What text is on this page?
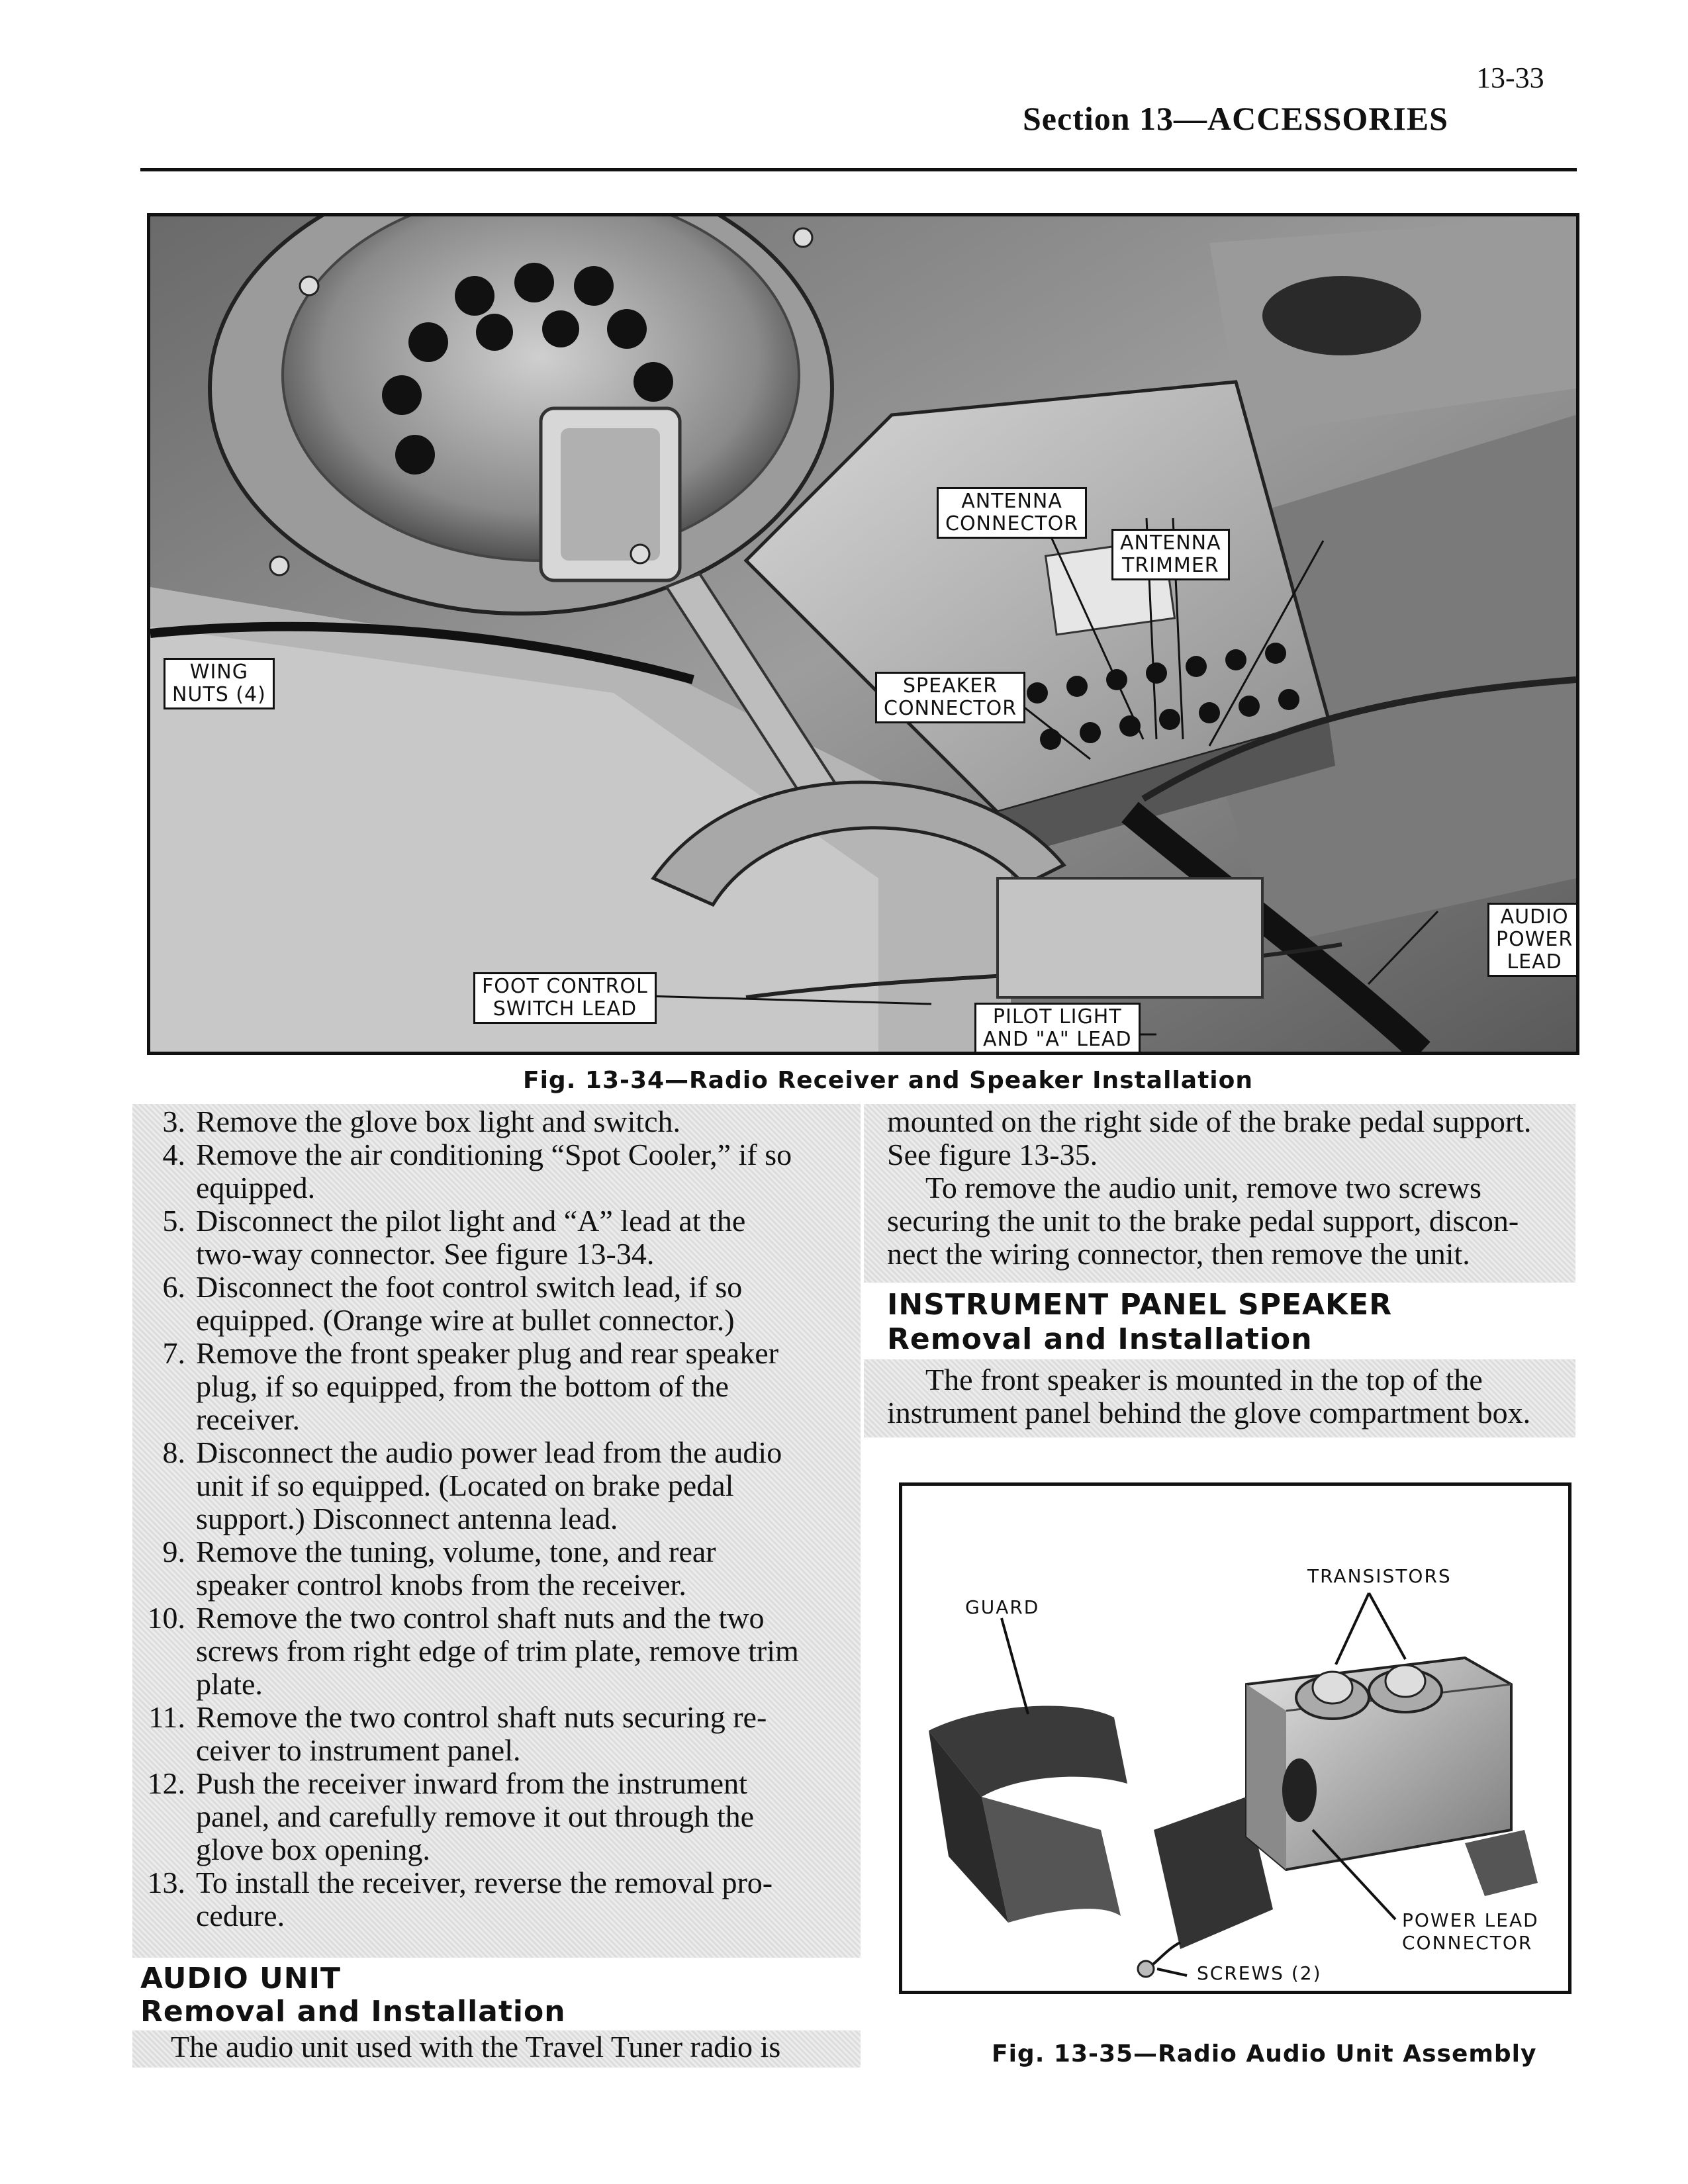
13-33
Section 13—ACCESSORIES
ANTENNA
CONNECTOR
ANTENNA
TRIMMER
WING
NUTS (4)	SPEAKER
CONNECTOR
AUDIO
POWER
LEAD
FOOT CONTROL
SWITCH LEAD	PILOT LIGHT
AND "A" LEAD
Fig. 13-34—Radio Receiver and Speaker Installation
3. Remove the glove box light and switch.
4. Remove the air conditioning “Spot Cooler,” if so
equipped.
5. Disconnect the pilot light and “A” lead at the
two-way connector. See figure 13-34.
6. Disconnect the foot control switch lead, if so
equipped. (Orange wire at bullet connector.)
7. Remove the front speaker plug and rear speaker
plug, if so equipped, from the bottom of the
receiver.
8. Disconnect the audio power lead from the audio
unit if so equipped. (Located on brake pedal
support.) Disconnect antenna lead.
9. Remove the tuning, volume, tone, and rear
speaker control knobs from the receiver.
10. Remove the two control shaft nuts and the two
screws from right edge of trim plate, remove trim
plate.
11. Remove the two control shaft nuts securing re-
ceiver to instrument panel.
12. Push the receiver inward from the instrument
panel, and carefully remove it out through the
glove box opening.
13. To install the receiver, reverse the removal pro-
cedure.
AUDIO UNIT
Removal and Installation
The audio unit used with the Travel Tuner radio is
mounted on the right side of the brake pedal support.
See figure 13-35.
To remove the audio unit, remove two screws
securing the unit to the brake pedal support, discon-
nect the wiring connector, then remove the unit.
INSTRUMENT PANEL SPEAKER
Removal and Installation
The front speaker is mounted in the top of the
instrument panel behind the glove compartment box.
TRANSISTORS
GUARD
POWER LEAD
CONNECTOR
SCREWS (2)
Fig. 13-35—Radio Audio Unit Assembly
